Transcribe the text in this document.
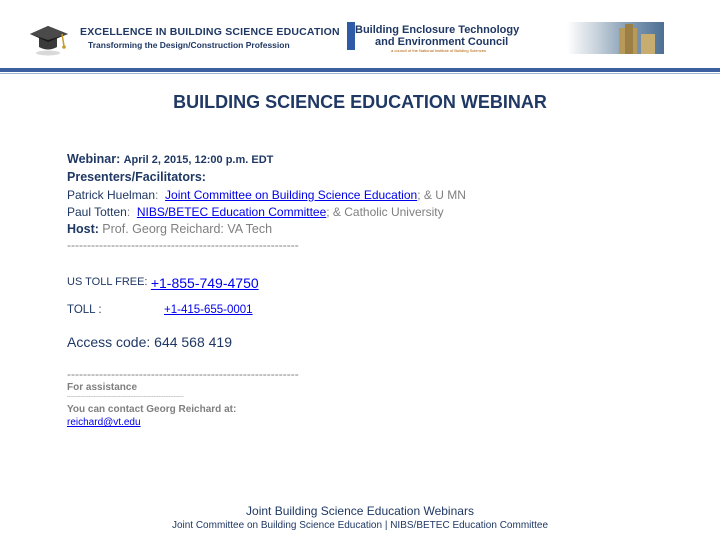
EXCELLENCE IN BUILDING SCIENCE EDUCATION
Transforming the Design/Construction Profession
Building Enclosure Technology
and Environment Council
a council of the National Institute of Building Sciences
BUILDING SCIENCE EDUCATION WEBINAR
Webinar: April 2, 2015, 12:00 p.m. EDT
Presenters/Facilitators:
Patrick Huelman: Joint Committee on Building Science Education; & U MN
Paul Totten: NIBS/BETEC Education Committee; & Catholic University
Host: Prof. Georg Reichard: VA Tech
----------------------------------------------------------
US TOLL FREE: +1-855-749-4750
TOLL :	+1-415-655-0001
Access code: 644 568 419
----------------------------------------------------------
For assistance
----------------------------------------------------------------------
You can contact Georg Reichard at:
reichard@vt.edu
Joint Building Science Education Webinars
Joint Committee on Building Science Education | NIBS/BETEC Education Committee
